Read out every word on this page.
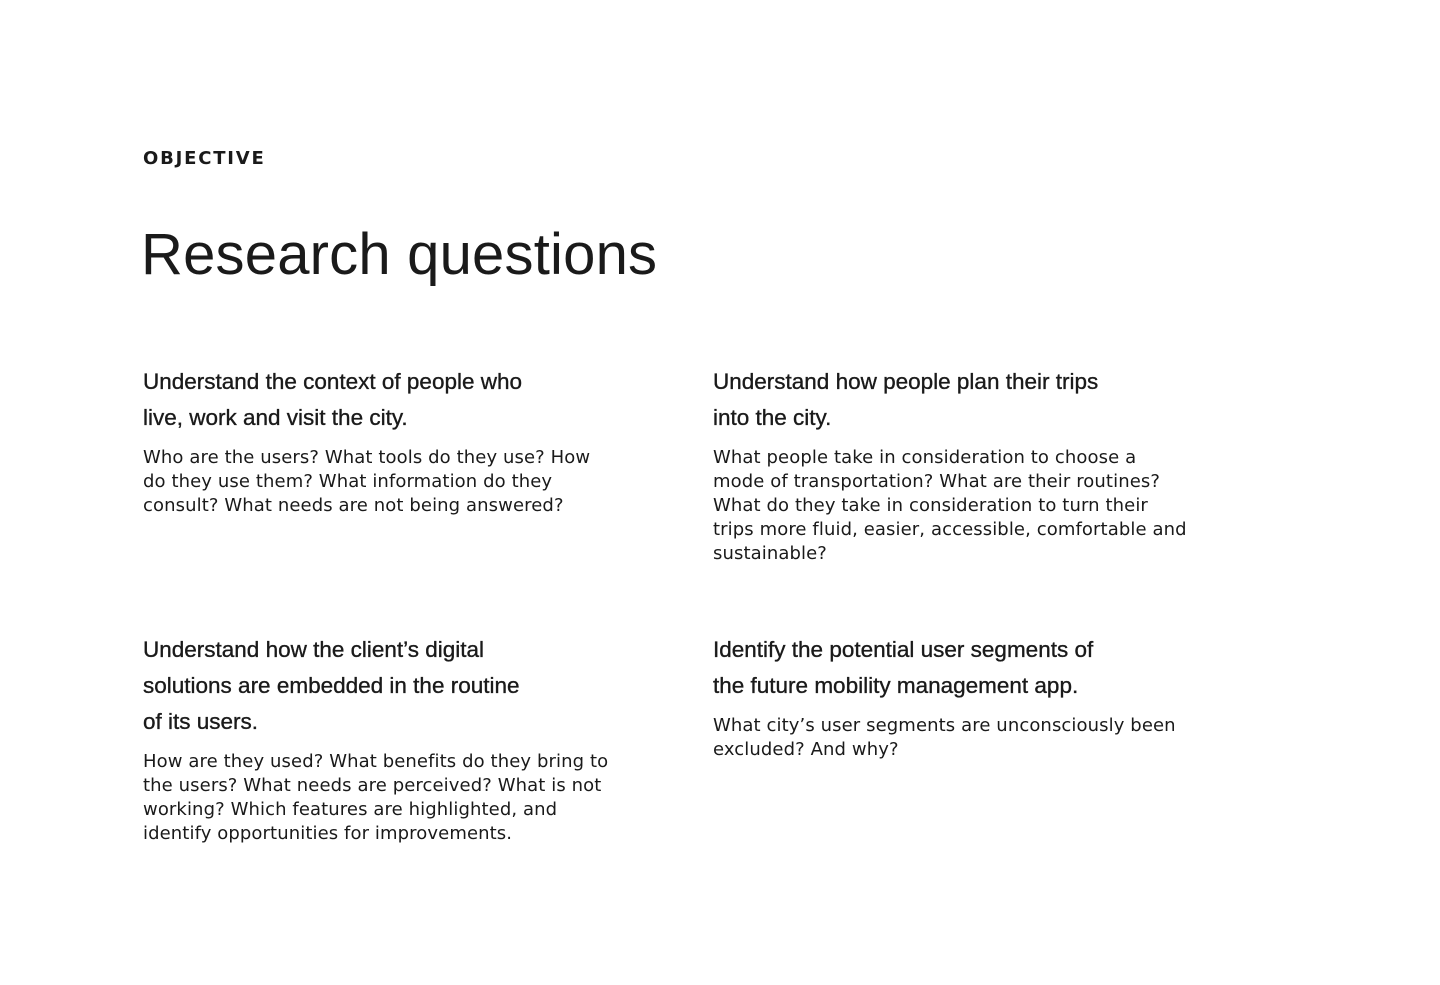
OBJECTIVE
Research questions
Understand the context of people who
live, work and visit the city.

Who are the users? What tools do they use? How
do they use them? What information do they
consult? What needs are not being answered?

Understand how people plan their trips
into the city.

What people take in consideration to choose a
mode of transportation? What are their routines?
What do they take in consideration to turn their
trips more fluid, easier, accessible, comfortable and
sustainable?

Understand how the client’s digital
solutions are embedded in the routine
of its users.

How are they used? What benefits do they bring to
the users? What needs are perceived? What is not
working? Which features are highlighted, and
identify opportunities for improvements.

Identify the potential user segments of
the future mobility management app.

What city’s user segments are unconsciously been
excluded? And why?
